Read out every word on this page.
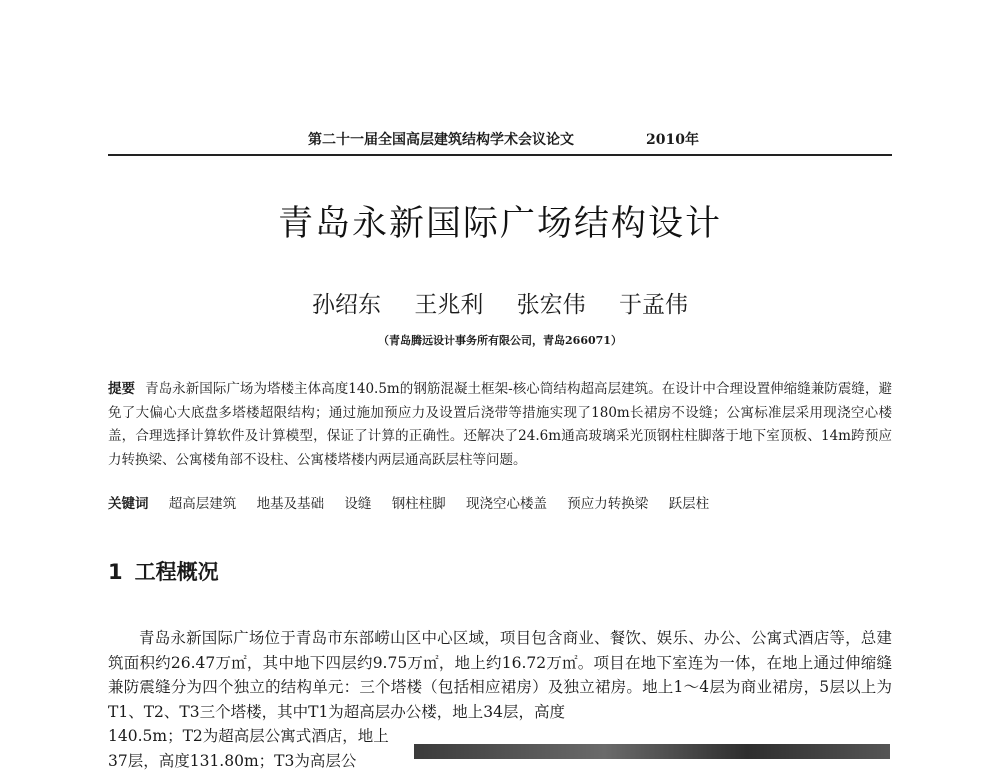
第二十一届全国高层建筑结构学术会议论文	2010年
青岛永新国际广场结构设计
孙绍东 王兆利 张宏伟 于孟伟
（青岛腾远设计事务所有限公司，青岛266071）
提要 青岛永新国际广场为塔楼主体高度140.5m的钢筋混凝土框架-核心筒结构超高层建筑。在设计中合理设置伸缩缝兼防震缝，避免了大偏心大底盘多塔楼超限结构；通过施加预应力及设置后浇带等措施实现了180m长裙房不设缝；公寓标准层采用现浇空心楼盖，合理选择计算软件及计算模型，保证了计算的正确性。还解决了24.6m通高玻璃采光顶钢柱柱脚落于地下室顶板、14m跨预应力转换梁、公寓楼角部不设柱、公寓楼塔楼内两层通高跃层柱等问题。
关键词 超高层建筑 地基及基础 设缝 钢柱柱脚 现浇空心楼盖 预应力转换梁 跃层柱
1 工程概况
青岛永新国际广场位于青岛市东部崂山区中心区域，项目包含商业、餐饮、娱乐、办公、公寓式酒店等，总建筑面积约26.47万㎡，其中地下四层约9.75万㎡，地上约16.72万㎡。项目在地下室连为一体，在地上通过伸缩缝兼防震缝分为四个独立的结构单元：三个塔楼（包括相应裙房）及独立裙房。地上1～4层为商业裙房，5层以上为T1、T2、T3三个塔楼，其中T1为超高层办公楼，地上34层，高度
140.5m；T2为超高层公寓式酒店，地上37层，高度131.80m；T3为高层公
